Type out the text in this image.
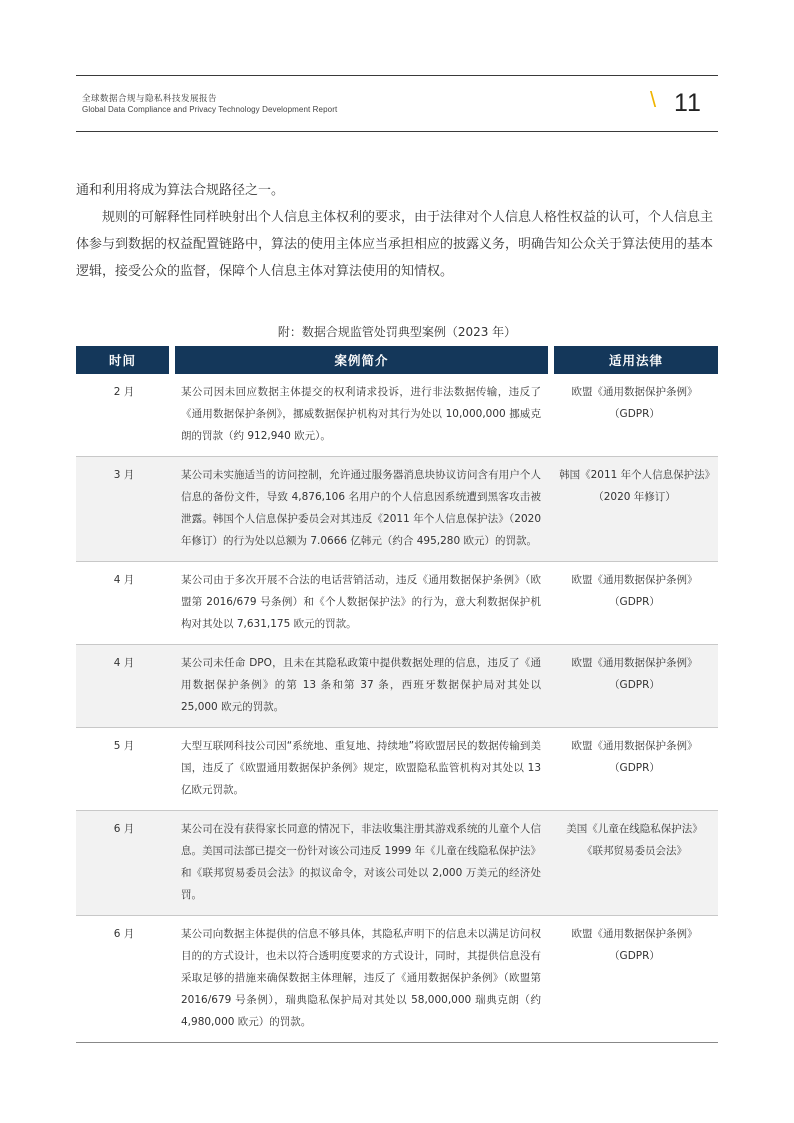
全球数据合规与隐私科技发展报告
Global Data Compliance and Privacy Technology Development Report	\ 11

通和利用将成为算法合规路径之一。

规则的可解释性同样映射出个人信息主体权利的要求，由于法律对个人信息人格性权益的认可，个人信息主体参与到数据的权益配置链路中，算法的使用主体应当承担相应的披露义务，明确告知公众关于算法使用的基本逻辑，接受公众的监督，保障个人信息主体对算法使用的知情权。

附：数据合规监管处罚典型案例（2023 年）
时间	案例简介	适用法律
2 月	某公司因未回应数据主体提交的权利请求投诉，进行非法数据传输，违反了《通用数据保护条例》，挪威数据保护机构对其行为处以 10,000,000 挪威克朗的罚款（约 912,940 欧元）。	欧盟《通用数据保护条例》（GDPR）
3 月	某公司未实施适当的访问控制，允许通过服务器消息块协议访问含有用户个人信息的备份文件，导致 4,876,106 名用户的个人信息因系统遭到黑客攻击被泄露。韩国个人信息保护委员会对其违反《2011 年个人信息保护法》（2020 年修订）的行为处以总额为 7.0666 亿韩元（约合 495,280 欧元）的罚款。	韩国《2011 年个人信息保护法》（2020 年修订）
4 月	某公司由于多次开展不合法的电话营销活动，违反《通用数据保护条例》（欧盟第 2016/679 号条例）和《个人数据保护法》的行为，意大利数据保护机构对其处以 7,631,175 欧元的罚款。	欧盟《通用数据保护条例》（GDPR）
4 月	某公司未任命 DPO，且未在其隐私政策中提供数据处理的信息，违反了《通用数据保护条例》的第 13 条和第 37 条，西班牙数据保护局对其处以 25,000 欧元的罚款。	欧盟《通用数据保护条例》（GDPR）
5 月	大型互联网科技公司因“系统地、重复地、持续地”将欧盟居民的数据传输到美国，违反了《欧盟通用数据保护条例》规定，欧盟隐私监管机构对其处以 13 亿欧元罚款。	欧盟《通用数据保护条例》（GDPR）
6 月	某公司在没有获得家长同意的情况下，非法收集注册其游戏系统的儿童个人信息。美国司法部已提交一份针对该公司违反 1999 年《儿童在线隐私保护法》和《联邦贸易委员会法》的拟议命令，对该公司处以 2,000 万美元的经济处罚。	美国《儿童在线隐私保护法》《联邦贸易委员会法》
6 月	某公司向数据主体提供的信息不够具体，其隐私声明下的信息未以满足访问权目的的方式设计，也未以符合透明度要求的方式设计，同时，其提供信息没有采取足够的措施来确保数据主体理解，违反了《通用数据保护条例》（欧盟第 2016/679 号条例），瑞典隐私保护局对其处以 58,000,000 瑞典克朗（约 4,980,000 欧元）的罚款。	欧盟《通用数据保护条例》（GDPR）
